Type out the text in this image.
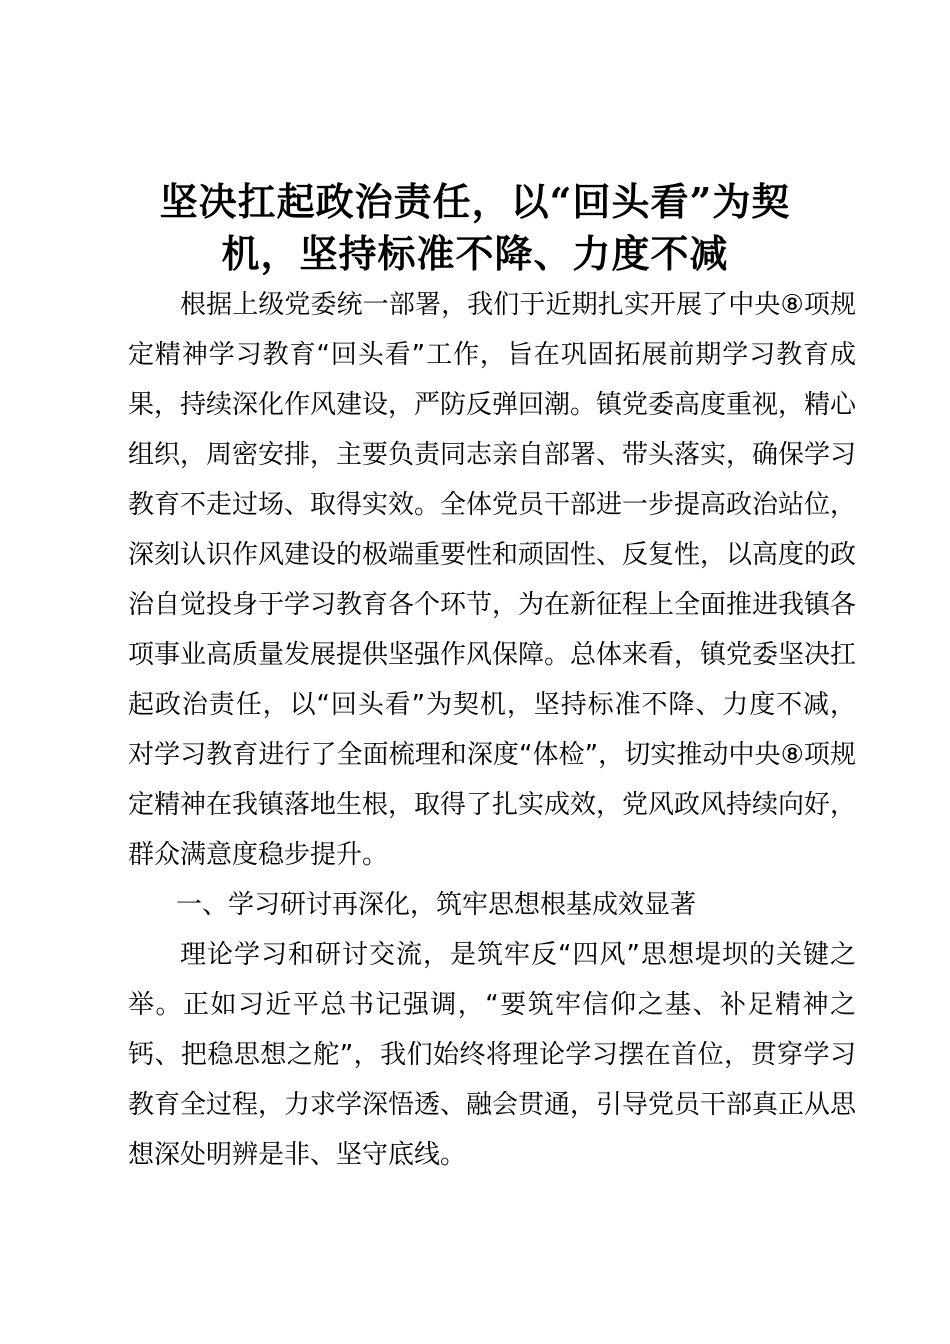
坚决扛起政治责任，以“回头看”为契
机，坚持标准不降、力度不减

根据上级党委统一部署，我们于近期扎实开展了中央⑧项规定精神学习教育“回头看”工作，旨在巩固拓展前期学习教育成果，持续深化作风建设，严防反弹回潮。镇党委高度重视，精心组织，周密安排，主要负责同志亲自部署、带头落实，确保学习教育不走过场、取得实效。全体党员干部进一步提高政治站位，深刻认识作风建设的极端重要性和顽固性、反复性，以高度的政治自觉投身于学习教育各个环节，为在新征程上全面推进我镇各项事业高质量发展提供坚强作风保障。总体来看，镇党委坚决扛起政治责任，以“回头看”为契机，坚持标准不降、力度不减，对学习教育进行了全面梳理和深度“体检”，切实推动中央⑧项规定精神在我镇落地生根，取得了扎实成效，党风政风持续向好，群众满意度稳步提升。

一、学习研讨再深化，筑牢思想根基成效显著

理论学习和研讨交流，是筑牢反“四风”思想堤坝的关键之举。正如习近平总书记强调，“要筑牢信仰之基、补足精神之钙、把稳思想之舵”，我们始终将理论学习摆在首位，贯穿学习教育全过程，力求学深悟透、融会贯通，引导党员干部真正从思想深处明辨是非、坚守底线。
